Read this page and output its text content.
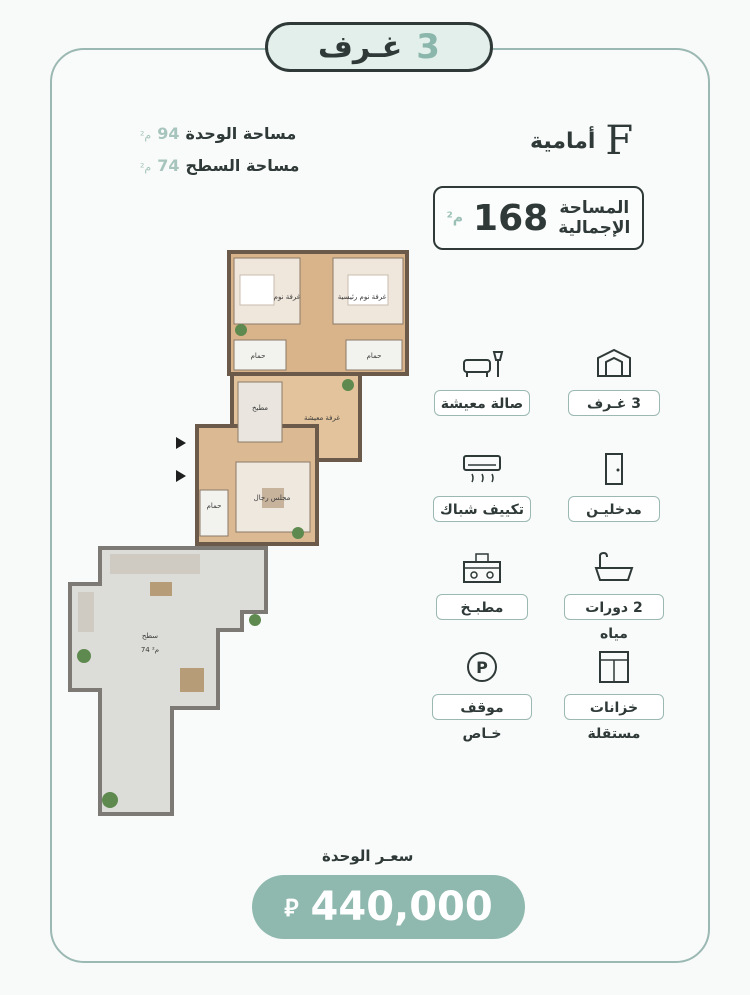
3
غـرف
مساحة الوحدة
94
م²
مساحة السطح
74
م²
F
أمامية
المساحة
الإجمالية
168
م²
غرفة نوم	غرفة نوم رئيسية
حمام	حمام
مطبخ
غرفة معيشة
مجلس رجال
حمام
سطح
74 م²
3 غـرف
صالة معيشة
مدخليـن
تكييف شباك
2 دورات مياه
مطبـخ
خزانات مستقلة
P
موقف خـاص
سعـر الوحدة
⃁ 440,000
